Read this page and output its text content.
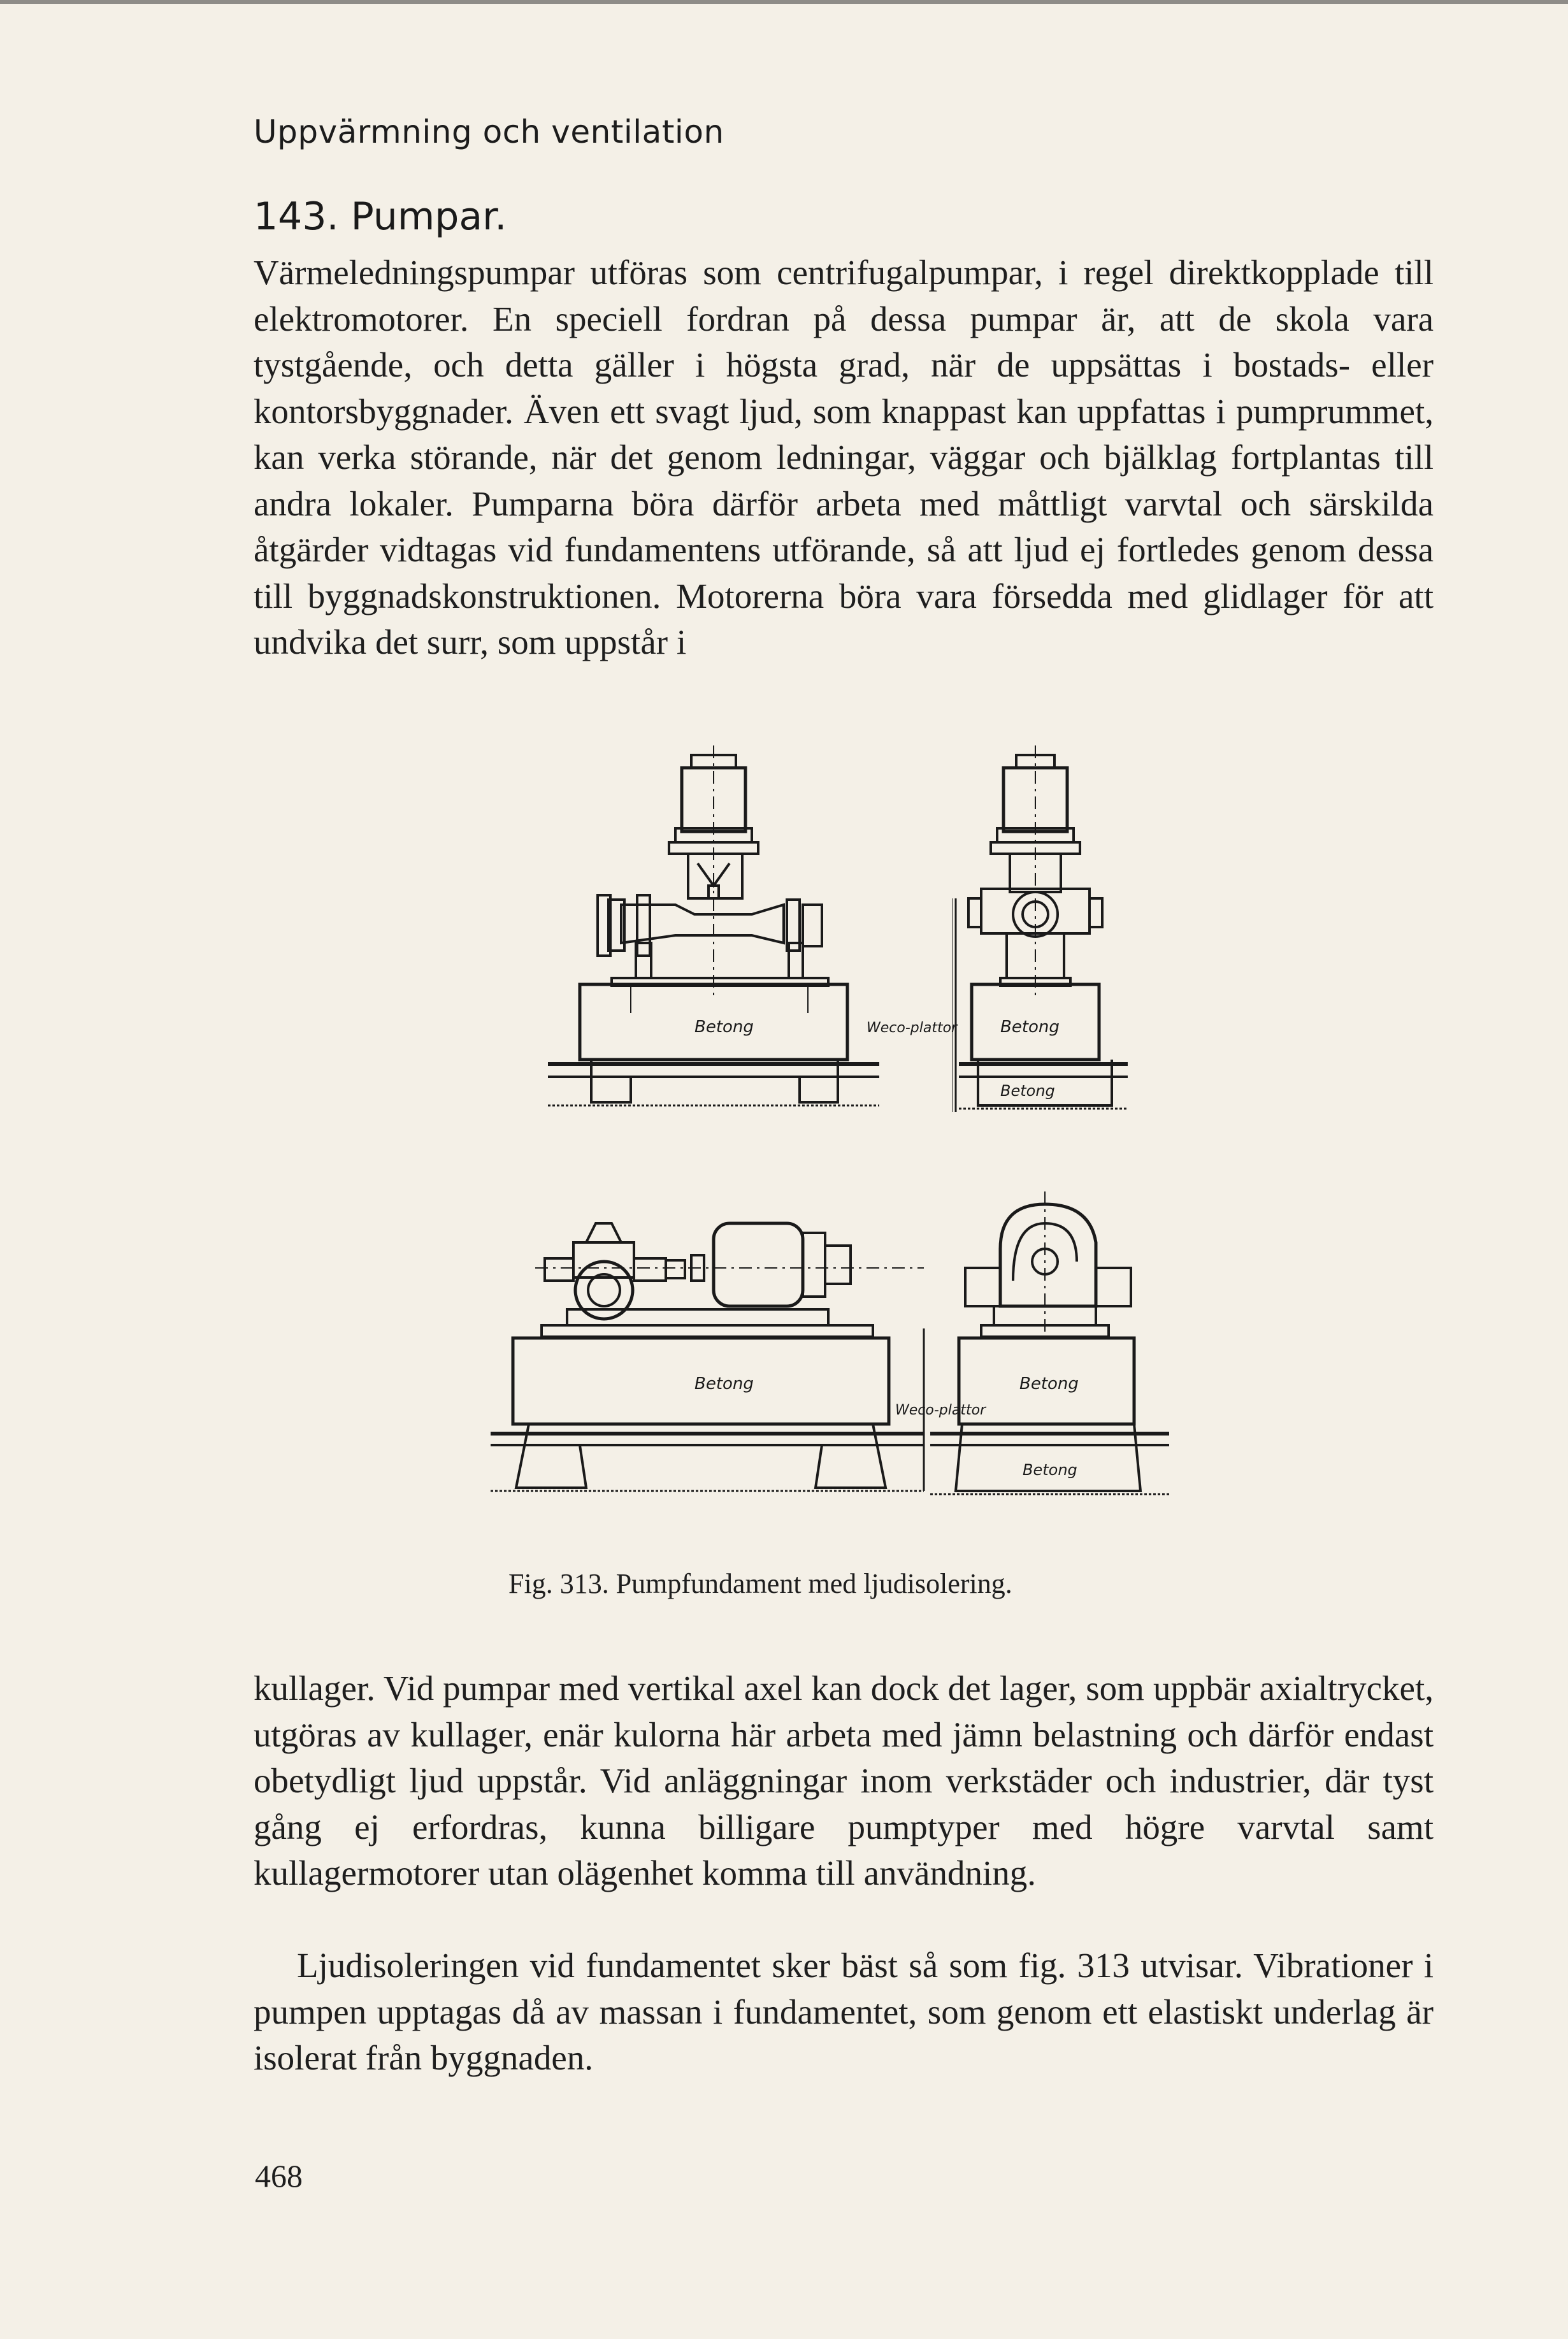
Uppvärmning och ventilation
143. Pumpar.

Värmeledningspumpar utföras som centrifugalpumpar, i regel direktkopplade till elektromotorer. En speciell fordran på dessa pumpar är, att de skola vara tystgående, och detta gäller i högsta grad, när de uppsättas i bostads- eller kontorsbyggnader. Även ett svagt ljud, som knappast kan uppfattas i pumprummet, kan verka störande, när det genom ledningar, väggar och bjälklag fortplantas till andra lokaler. Pumparna böra därför arbeta med måttligt varvtal och särskilda åtgärder vidtagas vid fundamentens utförande, så att ljud ej fortledes genom dessa till byggnadskonstruktionen. Motorerna böra vara försedda med glidlager för att undvika det surr, som uppstår i

Betong	Betong
Betong
Weco-plattor
Betong	Betong
Betong
Weco-plattor
Fig. 313. Pumpfundament med ljudisolering.

kullager. Vid pumpar med vertikal axel kan dock det lager, som uppbär axialtrycket, utgöras av kullager, enär kulorna här arbeta med jämn belastning och därför endast obetydligt ljud uppstår. Vid anläggningar inom verkstäder och industrier, där tyst gång ej erfordras, kunna billigare pumptyper med högre varvtal samt kullagermotorer utan olägenhet komma till användning.

Ljudisoleringen vid fundamentet sker bäst så som fig. 313 utvisar. Vibrationer i pumpen upptagas då av massan i fundamentet, som genom ett elastiskt underlag är isolerat från byggnaden.

468
